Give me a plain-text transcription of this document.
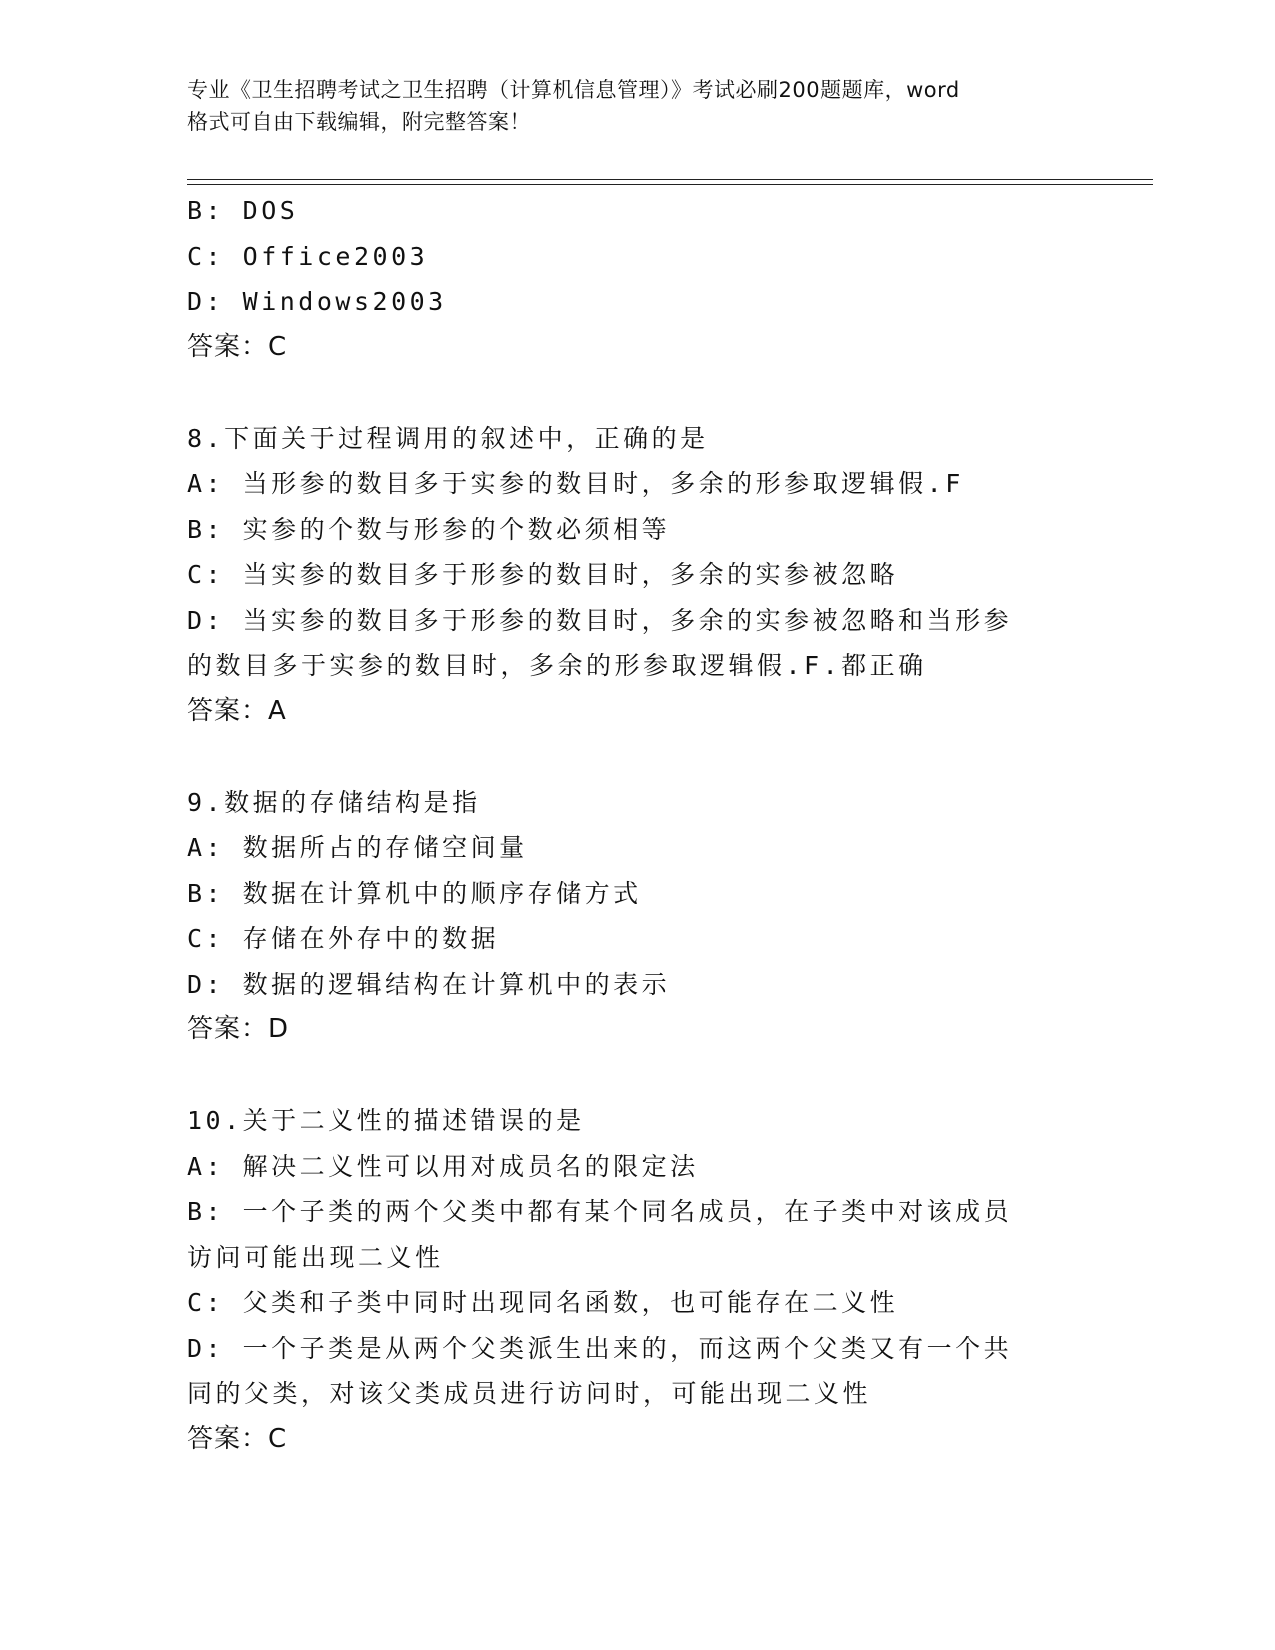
专业《卫生招聘考试之卫生招聘（计算机信息管理）》考试必刷200题题库，word
格式可自由下载编辑，附完整答案！
B: DOS
C: Office2003
D: Windows2003
答案：C
8.下面关于过程调用的叙述中，正确的是
A: 当形参的数目多于实参的数目时，多余的形参取逻辑假.F
B: 实参的个数与形参的个数必须相等
C: 当实参的数目多于形参的数目时，多余的实参被忽略
D: 当实参的数目多于形参的数目时，多余的实参被忽略和当形参的数目多于实参的数目时，多余的形参取逻辑假.F.都正确
答案：A
9.数据的存储结构是指
A: 数据所占的存储空间量
B: 数据在计算机中的顺序存储方式
C: 存储在外存中的数据
D: 数据的逻辑结构在计算机中的表示
答案：D
10.关于二义性的描述错误的是
A: 解决二义性可以用对成员名的限定法
B: 一个子类的两个父类中都有某个同名成员，在子类中对该成员访问可能出现二义性
C: 父类和子类中同时出现同名函数，也可能存在二义性
D: 一个子类是从两个父类派生出来的，而这两个父类又有一个共同的父类，对该父类成员进行访问时，可能出现二义性
答案：C
